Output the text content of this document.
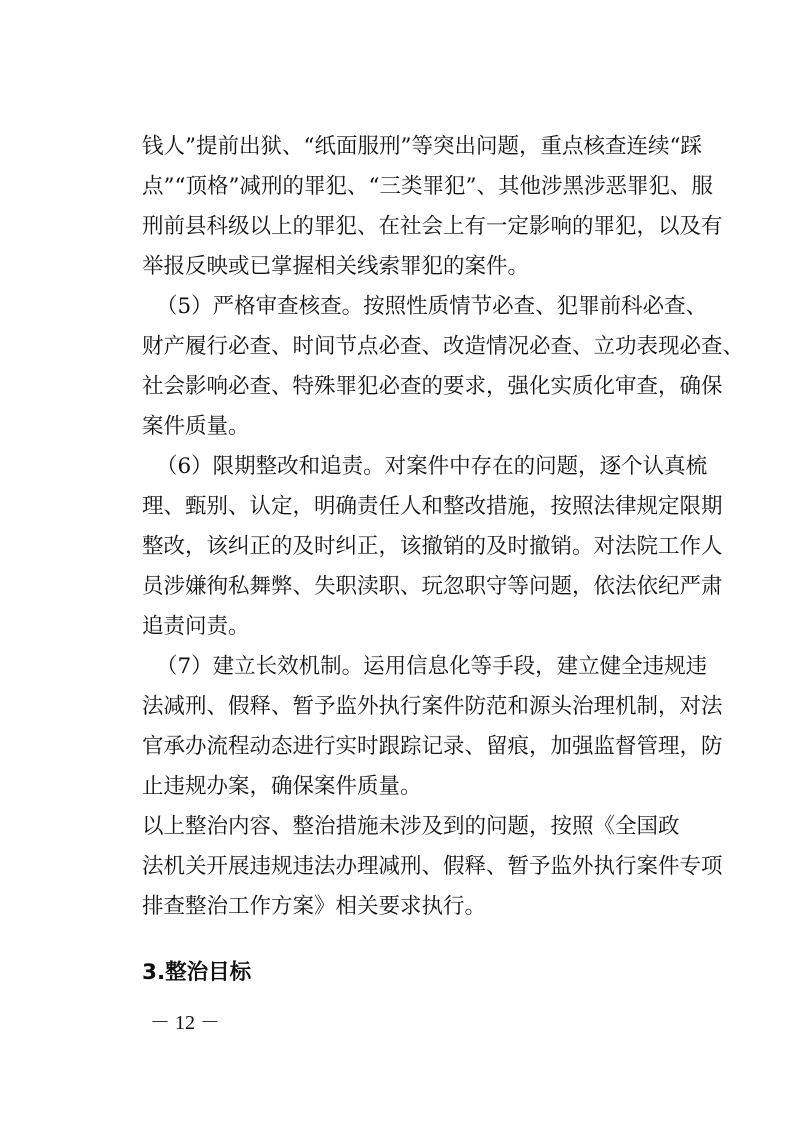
钱人”提前出狱、“纸面服刑”等突出问题，重点核查连续“踩
点”“顶格”减刑的罪犯、“三类罪犯”、其他涉黑涉恶罪犯、服
刑前县科级以上的罪犯、在社会上有一定影响的罪犯，以及有
举报反映或已掌握相关线索罪犯的案件。
（5）严格审查核查。按照性质情节必查、犯罪前科必查、
财产履行必查、时间节点必查、改造情况必查、立功表现必查、
社会影响必查、特殊罪犯必查的要求，强化实质化审查，确保
案件质量。
（6）限期整改和追责。对案件中存在的问题，逐个认真梳
理、甄别、认定，明确责任人和整改措施，按照法律规定限期
整改，该纠正的及时纠正，该撤销的及时撤销。对法院工作人
员涉嫌徇私舞弊、失职渎职、玩忽职守等问题，依法依纪严肃
追责问责。
（7）建立长效机制。运用信息化等手段，建立健全违规违
法减刑、假释、暂予监外执行案件防范和源头治理机制，对法
官承办流程动态进行实时跟踪记录、留痕，加强监督管理，防
止违规办案，确保案件质量。
以上整治内容、整治措施未涉及到的问题，按照《全国政
法机关开展违规违法办理减刑、假释、暂予监外执行案件专项
排查整治工作方案》相关要求执行。
3.整治目标
－ 12 －
